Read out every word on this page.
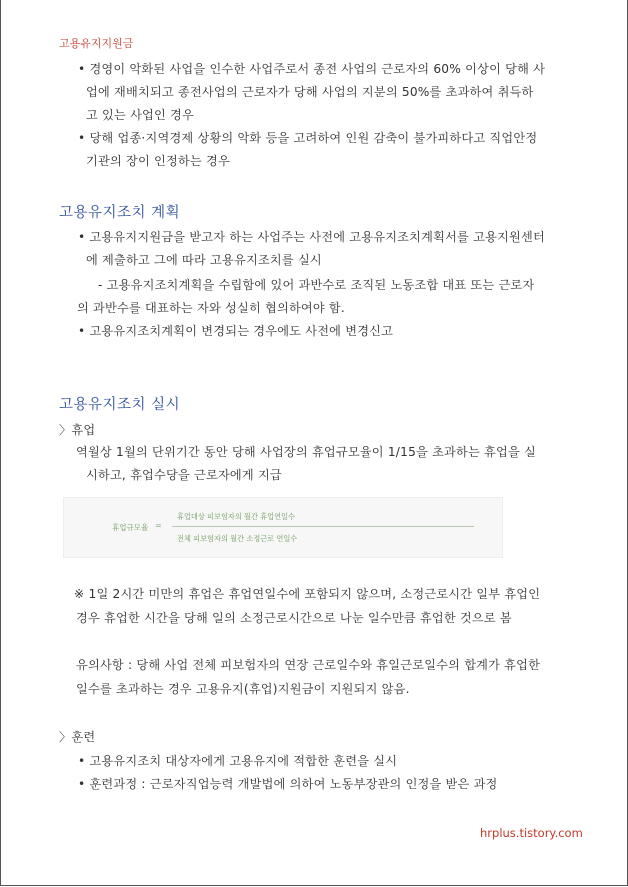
고용유지지원금
• 경영이 악화된 사업을 인수한 사업주로서 종전 사업의 근로자의 60% 이상이 당해 사
업에 재배치되고 종전사업의 근로자가 당해 사업의 지분의 50%를 초과하여 취득하
고 있는 사업인 경우
• 당해 업종·지역경제 상황의 악화 등을 고려하여 인원 감축이 불가피하다고 직업안정
기관의 장이 인정하는 경우
고용유지조치 계획
• 고용유지지원금을 받고자 하는 사업주는 사전에 고용유지조치계획서를 고용지원센터
에 제출하고 그에 따라 고용유지조치를 실시
- 고용유지조치계획을 수립함에 있어 과반수로 조직된 노동조합 대표 또는 근로자
의 과반수를 대표하는 자와 성실히 협의하여야 함.
• 고용유지조치계획이 변경되는 경우에도 사전에 변경신고
고용유지조치 실시
〉휴업
역월상 1월의 단위기간 동안 당해 사업장의 휴업규모율이 1/15을 초과하는 휴업을 실
시하고, 휴업수당을 근로자에게 지급
휴업규모율 =
휴업대상 피보험자의 월간 휴업연일수
전체 피보험자의 월간 소정근로 연일수
※ 1일 2시간 미만의 휴업은 휴업연일수에 포함되지 않으며, 소정근로시간 일부 휴업인
경우 휴업한 시간을 당해 일의 소정근로시간으로 나눈 일수만큼 휴업한 것으로 봄
유의사항 : 당해 사업 전체 피보험자의 연장 근로일수와 휴일근로일수의 합계가 휴업한
일수를 초과하는 경우 고용유지(휴업)지원금이 지원되지 않음.
〉훈련
• 고용유지조치 대상자에게 고용유지에 적합한 훈련을 실시
• 훈련과정 : 근로자직업능력 개발법에 의하여 노동부장관의 인정을 받은 과정
hrplus.tistory.com
